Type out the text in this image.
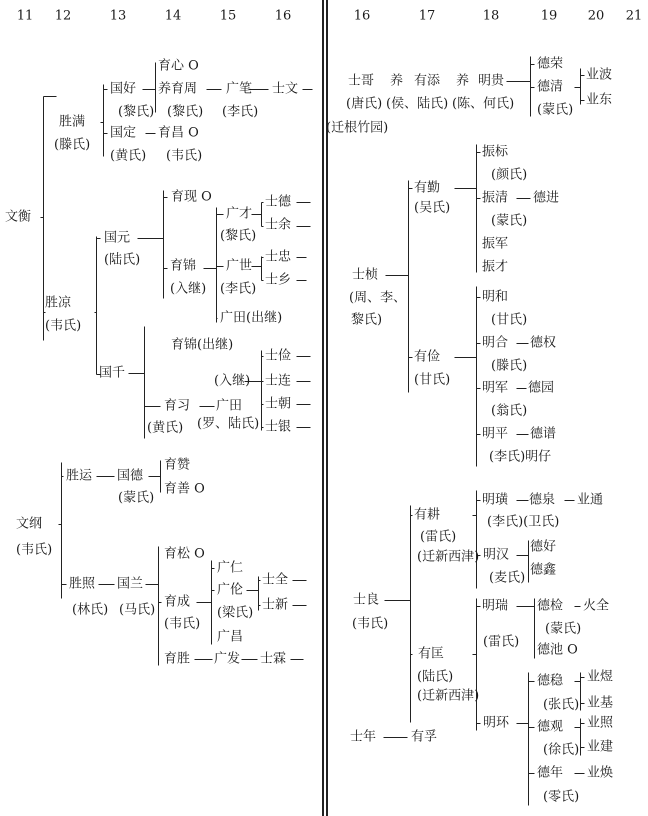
11 12	13	14	15	16	16	17	18	19 20 21
育心 O
养育周
(黎氏)
广笔 士文
(李氏)
国好
(黎氏)
国定 育昌 O
(黄氏) (韦氏)
胜满
(滕氏)
文衡
育现 O
广才
(黎氏)
士德
士余
国元
(陆氏) 育锦
(入继)
广世
(李氏)
士忠
士乡
广田(出继)
胜凉
(韦氏)
育锦(出继)
士俭
(入继) 士连
国千
育习 广田 士朝
(黄氏) (罗、陆氏) 士银
胜运 国德
育赞
(蒙氏)
育善 O
文纲
(韦氏)	育松 O
广仁
广伦
士全
胜照 国兰
育成	士新
(林氏) (马氏)
(韦氏)
(梁氏)
广昌
育胜 广发 士霖
德荣
业波
士哥 养 有添 养 明贵	德清
业东
(唐氏) (侯、陆氏) (陈、何氏) (蒙氏)
(迁根竹园)
振标
(颜氏)
有勤
(吴氏)
振清 德进
(蒙氏)
振军
振才
士桢
(周、李、
黎氏)
明和
(甘氏)
明合 德权
(滕氏)
有俭
(甘氏)
明军 德园
(翁氏)
明平 德谱
(李氏)明仔
明璜 德泉 业通
有耕	(李氏)(卫氏)
(雷氏)
(迁新西津) 明汉
德好
(麦氏)
德鑫
士良
(韦氏)
明瑞 德检 火全
(蒙氏)
(雷氏)
德池 O
有匡
(陆氏)
(迁新西津)
德稳 业煜
(张氏) 业基
明环 德观 业照
(徐氏) 业建
德年 业焕
(零氏)
士年	有孚
